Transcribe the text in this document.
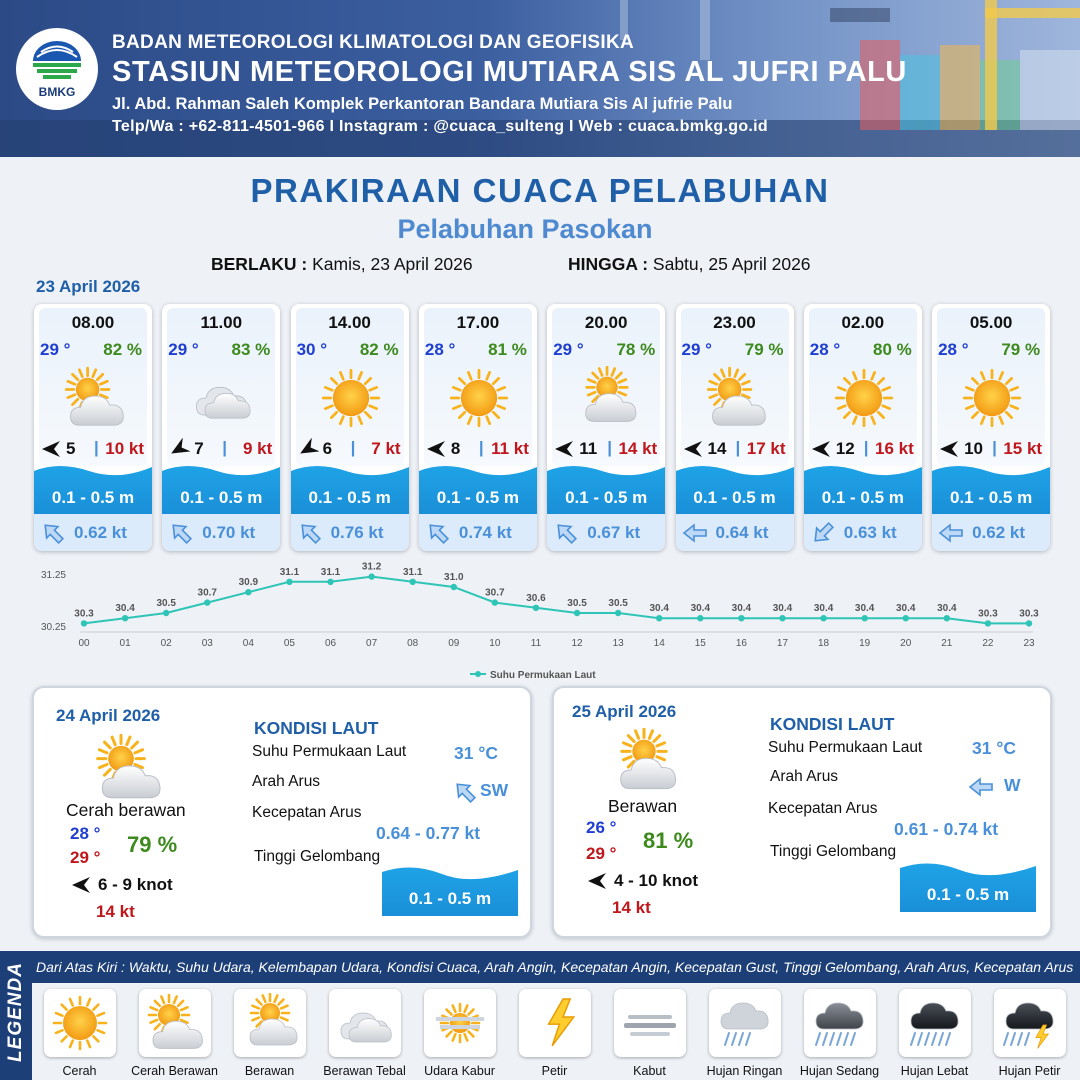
BMKG
BADAN METEOROLOGI KLIMATOLOGI DAN GEOFISIKA
STASIUN METEOROLOGI MUTIARA SIS AL JUFRI PALU
Jl. Abd. Rahman Saleh Komplek Perkantoran Bandara Mutiara Sis Al jufrie Palu
Telp/Wa : +62-811-4501-966 I Instagram : @cuaca_sulteng I Web : cuaca.bmkg.go.id
PRAKIRAAN CUACA PELABUHAN
Pelabuhan Pasokan
BERLAKU : Kamis, 23 April 2026	HINGGA : Sabtu, 25 April 2026
23 April 2026
08.00
29 ° 82 %
5 | 10 kt
0.1 - 0.5 m
0.62 kt
11.00
29 ° 83 %
7 | 9 kt
0.1 - 0.5 m
0.70 kt
14.00
30 ° 82 %
6 | 7 kt
0.1 - 0.5 m
0.76 kt
17.00
28 ° 81 %
8 | 11 kt
0.1 - 0.5 m
0.74 kt
20.00
29 ° 78 %
11 | 14 kt
0.1 - 0.5 m
0.67 kt
23.00
29 ° 79 %
14 | 17 kt
0.1 - 0.5 m
0.64 kt
02.00
28 ° 80 %
12 | 16 kt
0.1 - 0.5 m
0.63 kt
05.00
28 ° 79 %
10 | 15 kt
0.1 - 0.5 m
0.62 kt
31.25
30.25
00	01	02	03	04	05	06	07	08	09	10	11	12	13	14	15	16	17	18	19	20	21	22	23
30.3 30.4 30.5
30.7
30.9
31.1 31.1 31.2 31.1 31.0
30.7 30.6 30.5 30.5 30.4 30.4 30.4 30.4 30.4 30.4 30.4 30.4 30.3 30.3
Suhu Permukaan Laut
24 April 2026
Cerah berawan
28 °
29 °
79 %
6 - 9 knot
14 kt
KONDISI LAUT
Suhu Permukaan Laut	31 °C
Arah Arus	SW
Kecepatan Arus
0.64 - 0.77 kt
Tinggi Gelombang
0.1 - 0.5 m
25 April 2026
Berawan
26 °
29 °
81 %
4 - 10 knot
14 kt
KONDISI LAUT
Suhu Permukaan Laut	31 °C
Arah Arus	W
Kecepatan Arus
0.61 - 0.74 kt
Tinggi Gelombang
0.1 - 0.5 m
LEGENDA Dari Atas Kiri : Waktu, Suhu Udara, Kelembapan Udara, Kondisi Cuaca, Arah Angin, Kecepatan Angin, Kecepatan Gust, Tinggi Gelombang, Arah Arus, Kecepatan Arus
Cerah	Cerah Berawan	Berawan	Berawan Tebal	Udara Kabur	Petir	Kabut	Hujan Ringan	Hujan Sedang	Hujan Lebat	Hujan Petir
